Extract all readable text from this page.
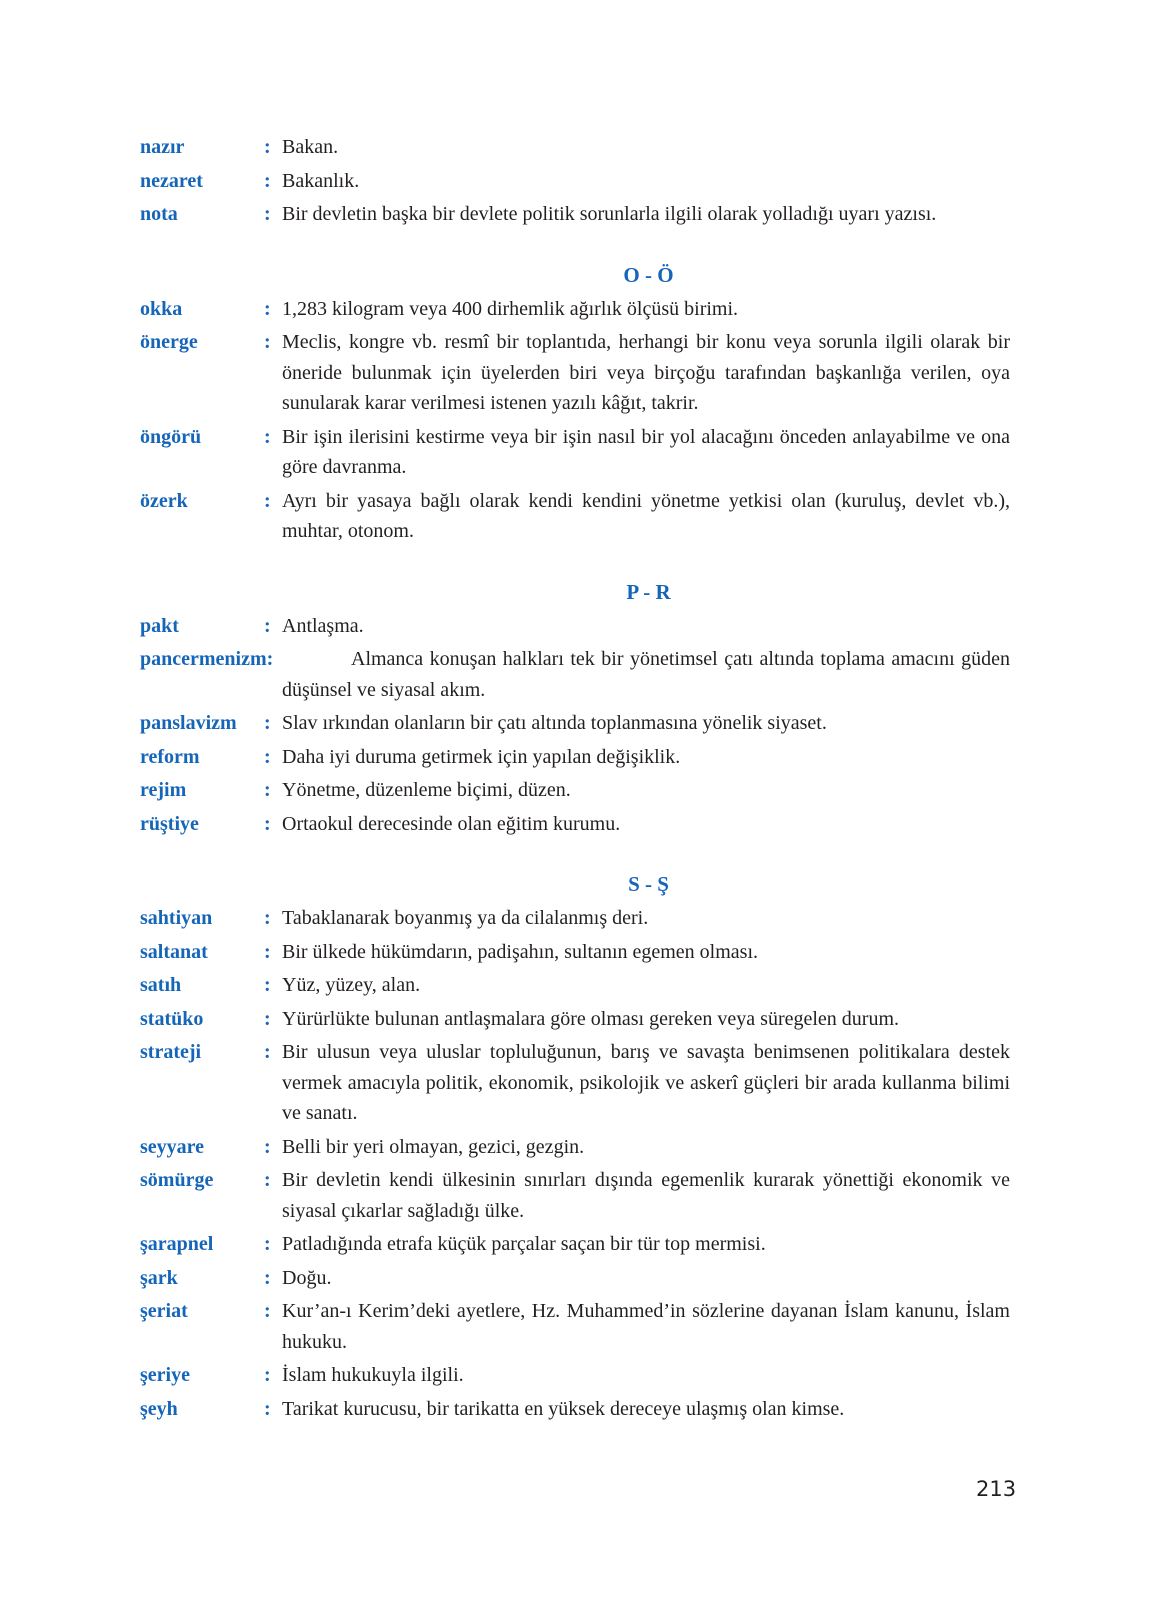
nazır	: Bakan.
nezaret	: Bakanlık.
nota	: Bir devletin başka bir devlete politik sorunlarla ilgili olarak yolladığı uyarı yazısı.
O - Ö
okka	: 1,283 kilogram veya 400 dirhemlik ağırlık ölçüsü birimi.
önerge	: Meclis, kongre vb. resmî bir toplantıda, herhangi bir konu veya sorunla ilgili olarak bir öneride bulunmak için üyelerden biri veya birçoğu tarafından başkanlığa verilen, oya sunularak karar verilmesi istenen yazılı kâğıt, takrir.
öngörü	: Bir işin ilerisini kestirme veya bir işin nasıl bir yol alacağını önceden anlayabilme ve ona göre davranma.
özerk	: Ayrı bir yasaya bağlı olarak kendi kendini yönetme yetkisi olan (kuruluş, devlet vb.), muhtar, otonom.
P - R
pakt	: Antlaşma.
pancermenizm:	Almanca konuşan halkları tek bir yönetimsel çatı altında toplama amacını güden düşünsel ve siyasal akım.
panslavizm	: Slav ırkından olanların bir çatı altında toplanmasına yönelik siyaset.
reform	: Daha iyi duruma getirmek için yapılan değişiklik.
rejim	: Yönetme, düzenleme biçimi, düzen.
rüştiye	: Ortaokul derecesinde olan eğitim kurumu.
S - Ş
sahtiyan	: Tabaklanarak boyanmış ya da cilalanmış deri.
saltanat	: Bir ülkede hükümdarın, padişahın, sultanın egemen olması.
satıh	: Yüz, yüzey, alan.
statüko	: Yürürlükte bulunan antlaşmalara göre olması gereken veya süregelen durum.
strateji	: Bir ulusun veya uluslar topluluğunun, barış ve savaşta benimsenen politikalara destek vermek amacıyla politik, ekonomik, psikolojik ve askerî güçleri bir arada kullanma bilimi ve sanatı.
seyyare	: Belli bir yeri olmayan, gezici, gezgin.
sömürge	: Bir devletin kendi ülkesinin sınırları dışında egemenlik kurarak yönettiği ekonomik ve siyasal çıkarlar sağladığı ülke.
şarapnel	: Patladığında etrafa küçük parçalar saçan bir tür top mermisi.
şark	: Doğu.
şeriat	: Kur’an-ı Kerim’deki ayetlere, Hz. Muhammed’in sözlerine dayanan İslam kanunu, İslam hukuku.
şeriye	: İslam hukukuyla ilgili.
şeyh	: Tarikat kurucusu, bir tarikatta en yüksek dereceye ulaşmış olan kimse.
213
